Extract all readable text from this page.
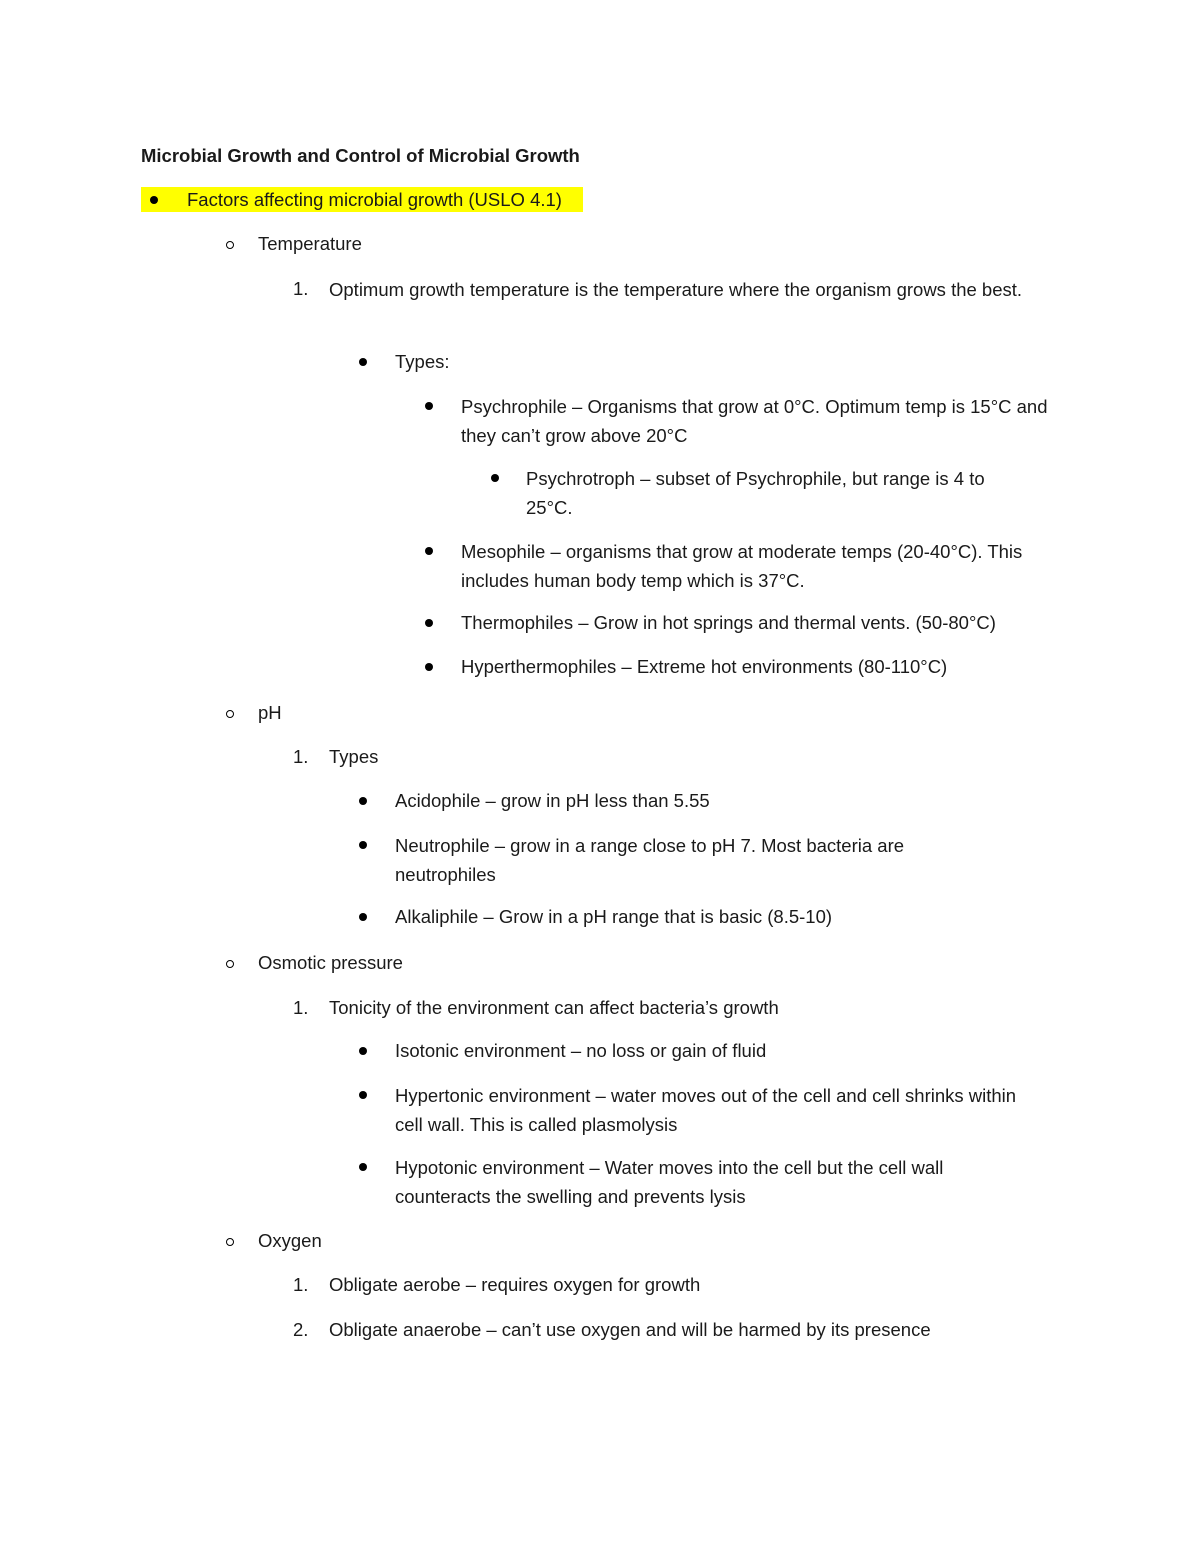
Microbial Growth and Control of Microbial Growth
Factors affecting microbial growth (USLO 4.1)
Temperature
1. Optimum growth temperature is the temperature where the organism grows the best.
Types:
Psychrophile – Organisms that grow at 0°C. Optimum temp is 15°C and they can’t grow above 20°C
Psychrotroph – subset of Psychrophile, but range is 4 to 25°C.
Mesophile – organisms that grow at moderate temps (20-40°C). This includes human body temp which is 37°C.
Thermophiles – Grow in hot springs and thermal vents. (50-80°C)
Hyperthermophiles – Extreme hot environments (80-110°C)
pH
1. Types
Acidophile – grow in pH less than 5.55
Neutrophile – grow in a range close to pH 7. Most bacteria are neutrophiles
Alkaliphile – Grow in a pH range that is basic (8.5-10)
Osmotic pressure
1. Tonicity of the environment can affect bacteria’s growth
Isotonic environment – no loss or gain of fluid
Hypertonic environment – water moves out of the cell and cell shrinks within cell wall. This is called plasmolysis
Hypotonic environment – Water moves into the cell but the cell wall counteracts the swelling and prevents lysis
Oxygen
1. Obligate aerobe – requires oxygen for growth
2. Obligate anaerobe – can’t use oxygen and will be harmed by its presence
